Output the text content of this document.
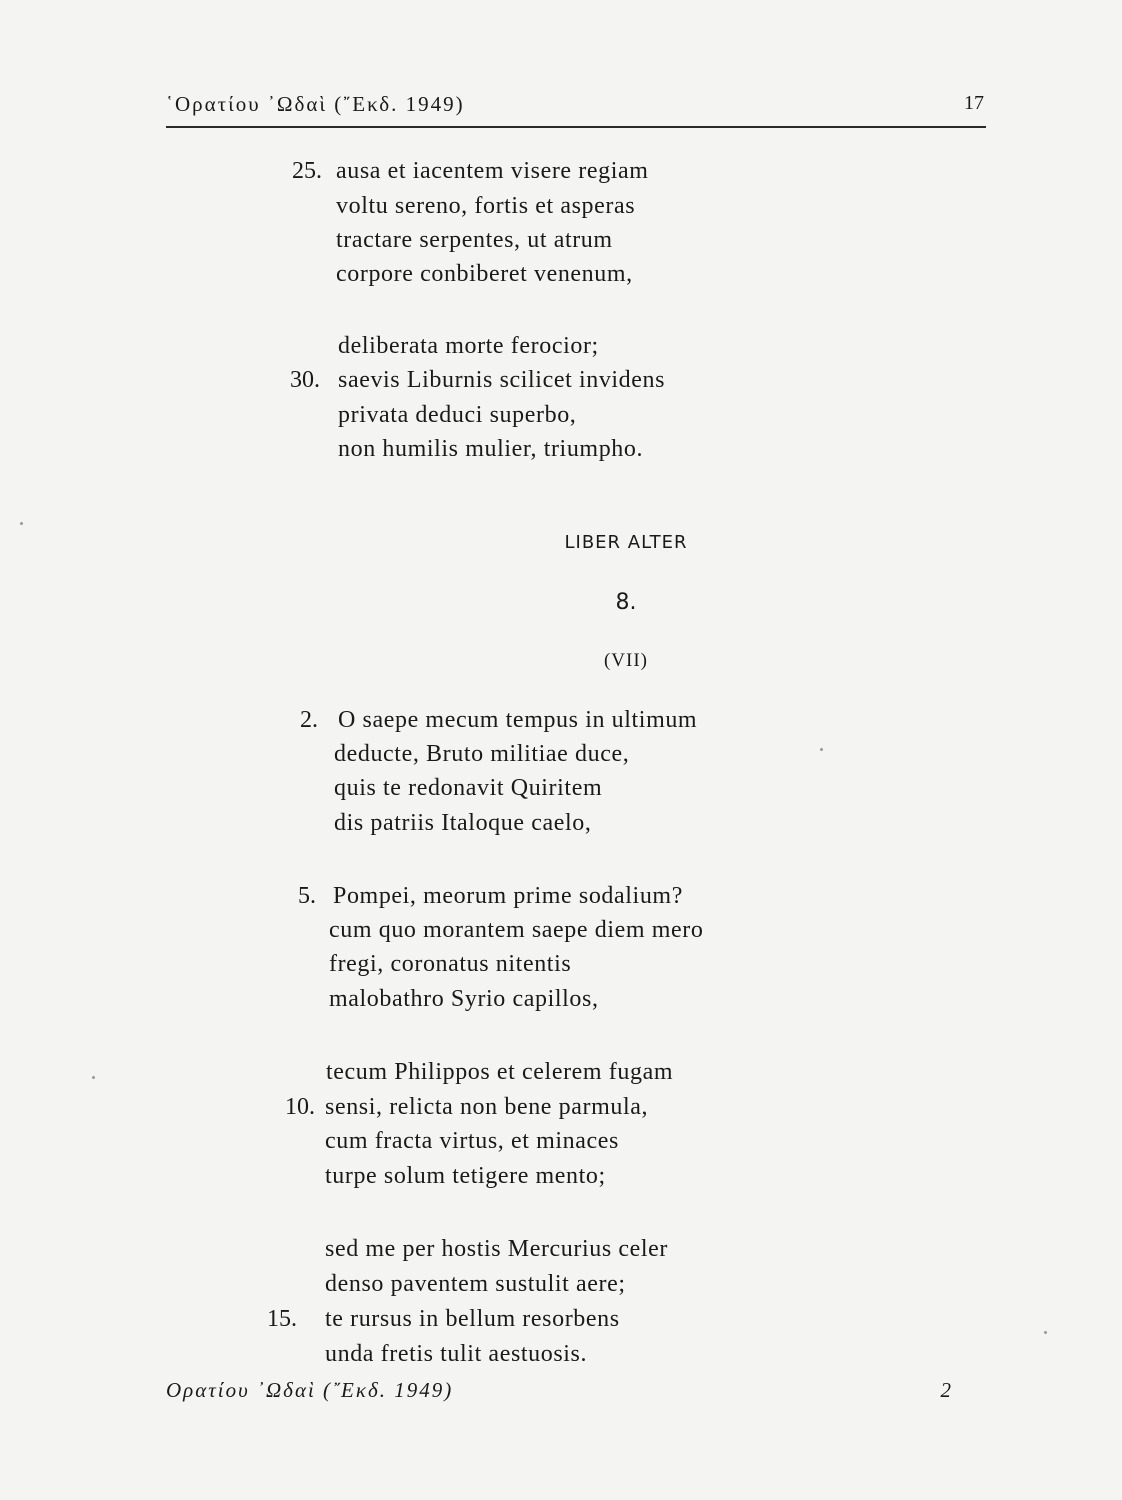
῾Ορατίου ᾿Ωδαὶ (῎Εκδ. 1949)	17
25. ausa et iacentem visere regiam
voltu sereno, fortis et asperas
tractare serpentes, ut atrum
corpore conbiberet venenum,
deliberata morte ferocior;
30. saevis Liburnis scilicet invidens
privata deduci superbo,
non humilis mulier, triumpho.
LIBER ALTER
8.
(VII)
2. O saepe mecum tempus in ultimum
deducte, Bruto militiae duce,
quis te redonavit Quiritem
dis patriis Italoque caelo,
5. Pompei, meorum prime sodalium?
cum quo morantem saepe diem mero
fregi, coronatus nitentis
malobathro Syrio capillos,
tecum Philippos et celerem fugam
10. sensi, relicta non bene parmula,
cum fracta virtus, et minaces
turpe solum tetigere mento;
sed me per hostis Mercurius celer
denso paventem sustulit aere;
15. te rursus in bellum resorbens
unda fretis tulit aestuosis.
Ορατίου ᾿Ωδαὶ (῎Εκδ. 1949)	2
